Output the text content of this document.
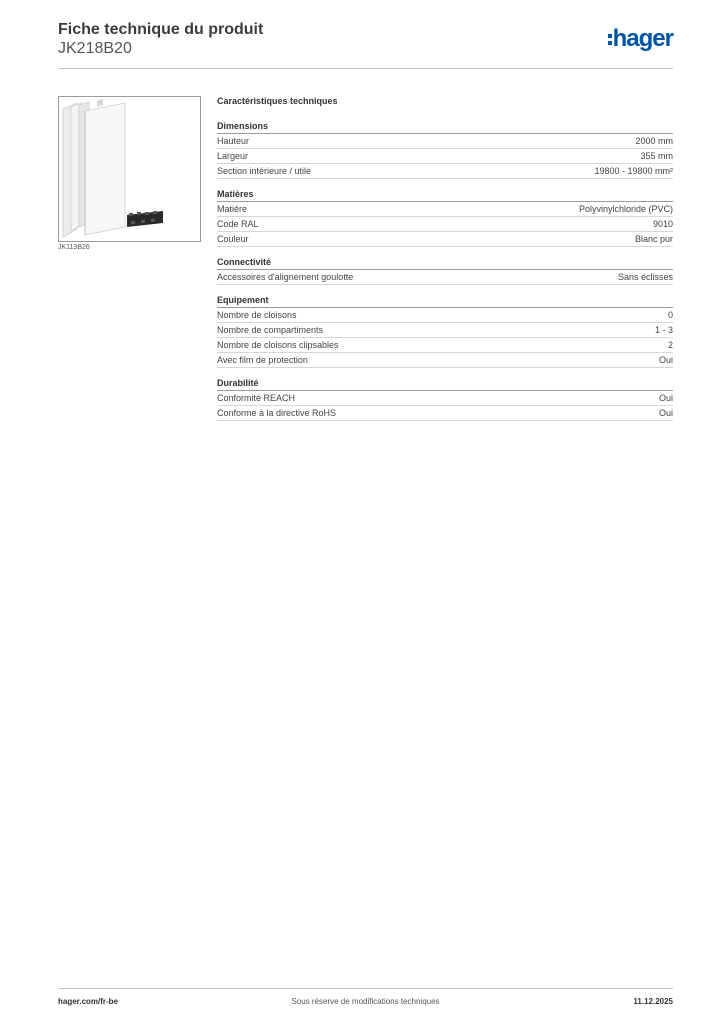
Fiche technique du produit
JK218B20	hager
JK113B26
Caractéristiques techniques
Dimensions
Hauteur	2000 mm
Largeur	355 mm
Section intérieure / utile	19800 - 19800 mm²
Matières
Matière	Polyvinylchloride (PVC)
Code RAL	9010
Couleur	Blanc pur
Connectivité
Accessoires d'alignement goulotte	Sans éclisses
Equipement
Nombre de cloisons	0
Nombre de compartiments	1 - 3
Nombre de cloisons clipsables	2
Avec film de protection	Oui
Durabilité
Conformité REACH	Oui
Conforme à la directive RoHS	Oui
hager.com/fr-be	Sous réserve de modifications techniques	11.12.2025
